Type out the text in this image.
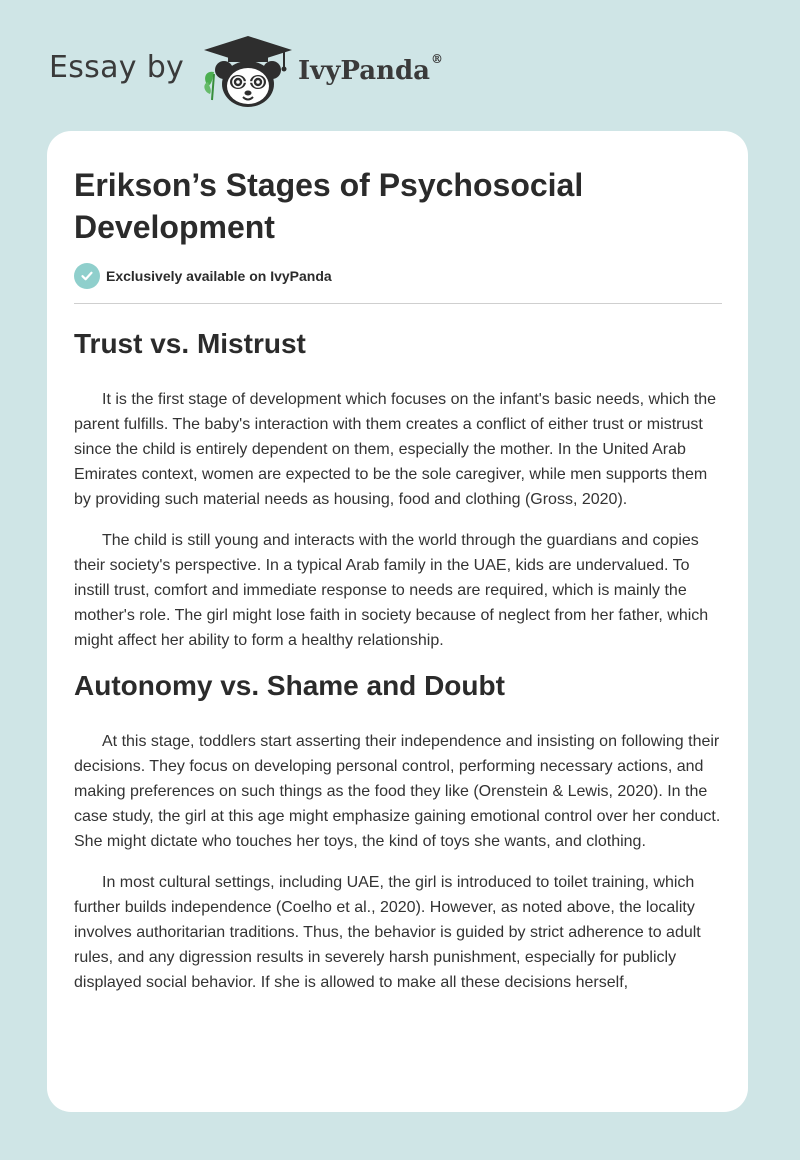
Essay by	IvyPanda®
Erikson’s Stages of Psychosocial Development
Exclusively available on IvyPanda
Trust vs. Mistrust

It is the first stage of development which focuses on the infant's basic needs, which the parent fulfills. The baby's interaction with them creates a conflict of either trust or mistrust since the child is entirely dependent on them, especially the mother. In the United Arab Emirates context, women are expected to be the sole caregiver, while men supports them by providing such material needs as housing, food and clothing (Gross, 2020).

The child is still young and interacts with the world through the guardians and copies their society's perspective. In a typical Arab family in the UAE, kids are undervalued. To instill trust, comfort and immediate response to needs are required, which is mainly the mother's role. The girl might lose faith in society because of neglect from her father, which might affect her ability to form a healthy relationship.

Autonomy vs. Shame and Doubt

At this stage, toddlers start asserting their independence and insisting on following their decisions. They focus on developing personal control, performing necessary actions, and making preferences on such things as the food they like (Orenstein & Lewis, 2020). In the case study, the girl at this age might emphasize gaining emotional control over her conduct. She might dictate who touches her toys, the kind of toys she wants, and clothing.

In most cultural settings, including UAE, the girl is introduced to toilet training, which further builds independence (Coelho et al., 2020). However, as noted above, the locality involves authoritarian traditions. Thus, the behavior is guided by strict adherence to adult rules, and any digression results in severely harsh punishment, especially for publicly displayed social behavior. If she is allowed to make all these decisions herself,
